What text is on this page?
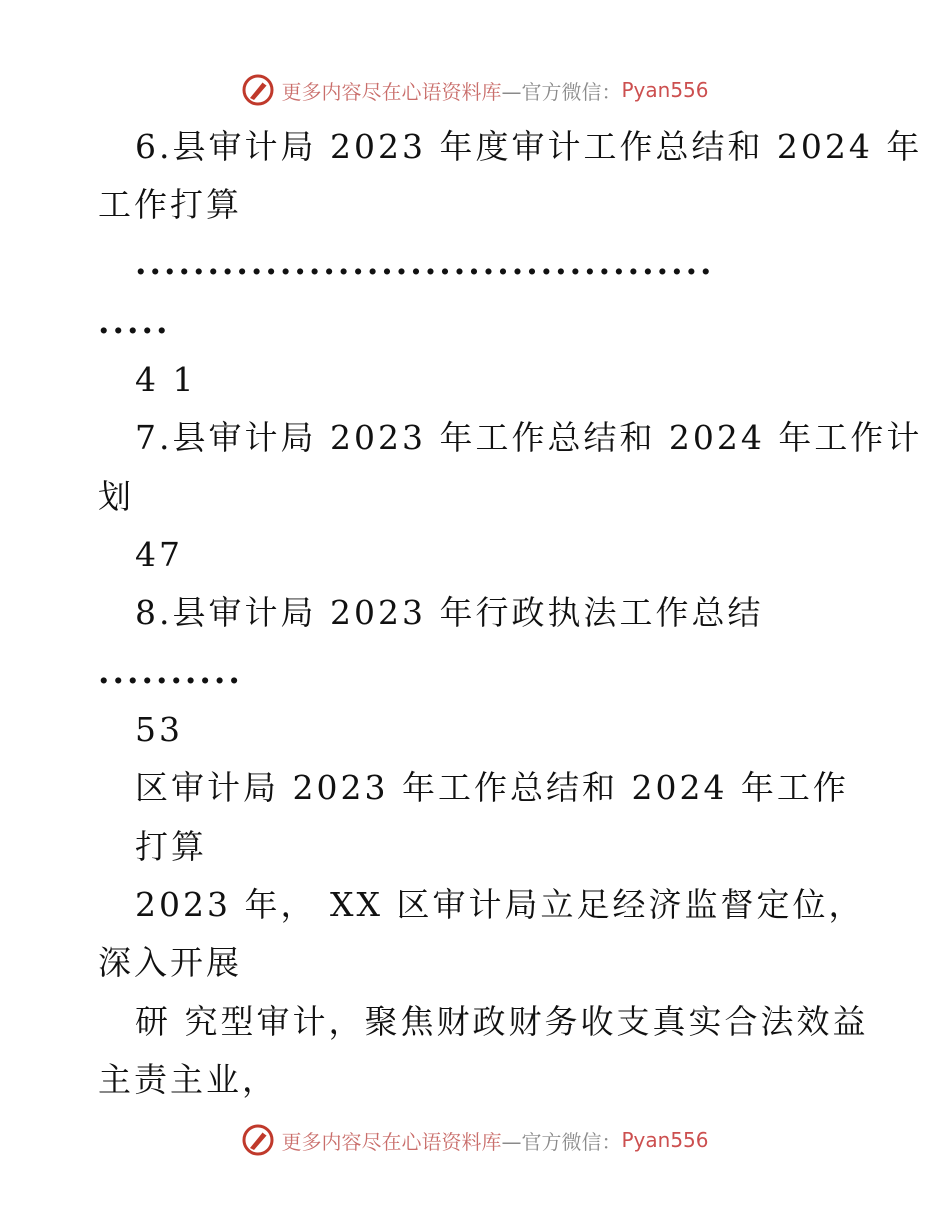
更多内容尽在心语资料库 —官方微信： Pyan556
6.县审计局 2023 年度审计工作总结和 2024 年
工作打算
........................................
.....
4 1
7.县审计局 2023 年工作总结和 2024 年工作计
划
47
8.县审计局 2023 年行政执法工作总结
..........
53
区审计局 2023 年工作总结和 2024 年工作
打算
2023 年， XX 区审计局立足经济监督定位，
深入开展
研 究型审计，聚焦财政财务收支真实合法效益
主责主业，
更多内容尽在心语资料库 —官方微信： Pyan556
